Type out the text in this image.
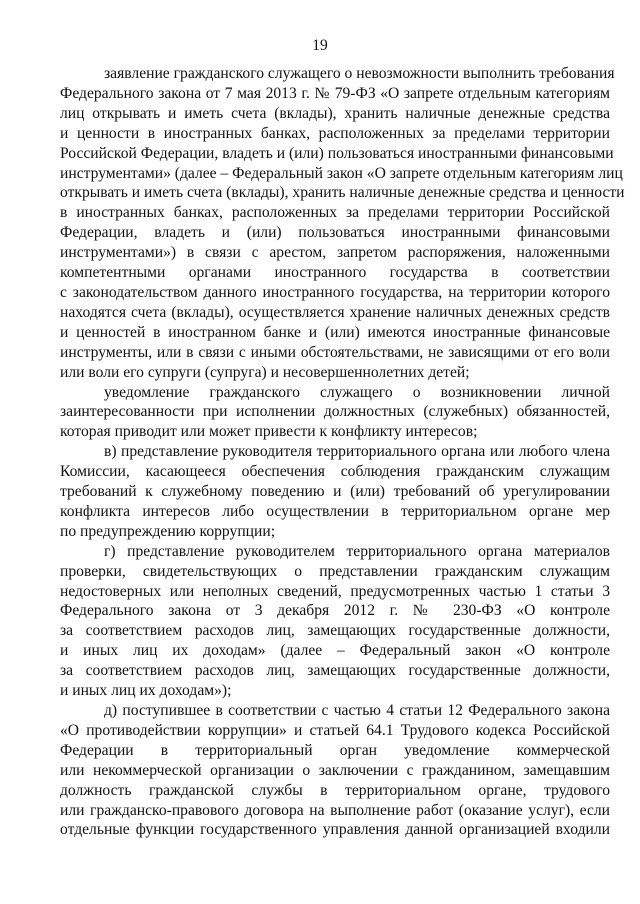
19
заявление гражданского служащего о невозможности выполнить требования
Федерального закона от 7 мая 2013 г. № 79-ФЗ «О запрете отдельным категориям
лиц открывать и иметь счета (вклады), хранить наличные денежные средства
и ценности в иностранных банках, расположенных за пределами территории
Российской Федерации, владеть и (или) пользоваться иностранными финансовыми
инструментами» (далее – Федеральный закон «О запрете отдельным категориям лиц
открывать и иметь счета (вклады), хранить наличные денежные средства и ценности
в иностранных банках, расположенных за пределами территории Российской
Федерации, владеть и (или) пользоваться иностранными финансовыми
инструментами») в связи с арестом, запретом распоряжения, наложенными
компетентными органами иностранного государства в соответствии
с законодательством данного иностранного государства, на территории которого
находятся счета (вклады), осуществляется хранение наличных денежных средств
и ценностей в иностранном банке и (или) имеются иностранные финансовые
инструменты, или в связи с иными обстоятельствами, не зависящими от его воли
или воли его супруги (супруга) и несовершеннолетних детей;
уведомление гражданского служащего о возникновении личной
заинтересованности при исполнении должностных (служебных) обязанностей,
которая приводит или может привести к конфликту интересов;
в) представление руководителя территориального органа или любого члена
Комиссии, касающееся обеспечения соблюдения гражданским служащим
требований к служебному поведению и (или) требований об урегулировании
конфликта интересов либо осуществлении в территориальном органе мер
по предупреждению коррупции;
г) представление руководителем территориального органа материалов
проверки, свидетельствующих о представлении гражданским служащим
недостоверных или неполных сведений, предусмотренных частью 1 статьи 3
Федерального закона от 3 декабря 2012 г. № 230-ФЗ «О контроле
за соответствием расходов лиц, замещающих государственные должности,
и иных лиц их доходам» (далее – Федеральный закон «О контроле
за соответствием расходов лиц, замещающих государственные должности,
и иных лиц их доходам»);
д) поступившее в соответствии с частью 4 статьи 12 Федерального закона
«О противодействии коррупции» и статьей 64.1 Трудового кодекса Российской
Федерации в территориальный орган уведомление коммерческой
или некоммерческой организации о заключении с гражданином, замещавшим
должность гражданской службы в территориальном органе, трудового
или гражданско-правового договора на выполнение работ (оказание услуг), если
отдельные функции государственного управления данной организацией входили
